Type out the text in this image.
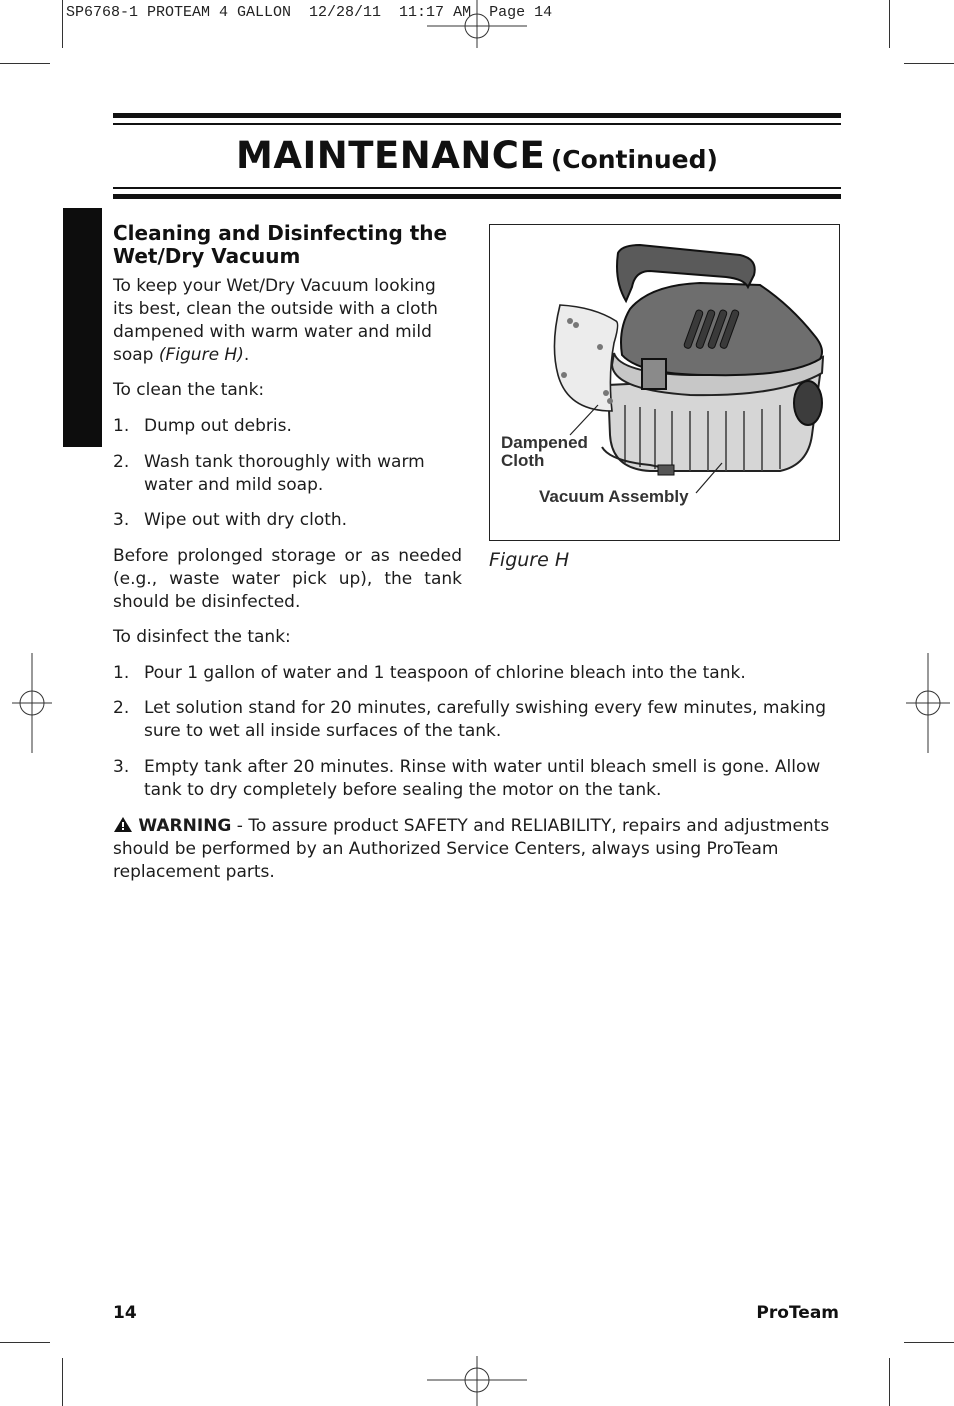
SP6768-1 PROTEAM 4 GALLON  12/28/11  11:17 AM  Page 14
MAINTENANCE (Continued)
Cleaning and Disinfecting the Wet/Dry Vacuum
To keep your Wet/Dry Vacuum looking its best, clean the outside with a cloth dampened with warm water and mild soap (Figure H).
To clean the tank:
1. Dump out debris.
2. Wash tank thoroughly with warm water and mild soap.
3. Wipe out with dry cloth.
Before prolonged storage or as needed (e.g., waste water pick up), the tank should be disinfected.
To disinfect the tank:
1. Pour 1 gallon of water and 1 teaspoon of chlorine bleach into the tank.
2. Let solution stand for 20 minutes, carefully swishing every few minutes, making sure to wet all inside surfaces of the tank.
3. Empty tank after 20 minutes. Rinse with water until bleach smell is gone. Allow tank to dry completely before sealing the motor on the tank.
WARNING - To assure product SAFETY and RELIABILITY, repairs and adjustments should be performed by an Authorized Service Centers, always using ProTeam replacement parts.
Dampened
Cloth
Vacuum Assembly
Figure H
14	ProTeam
